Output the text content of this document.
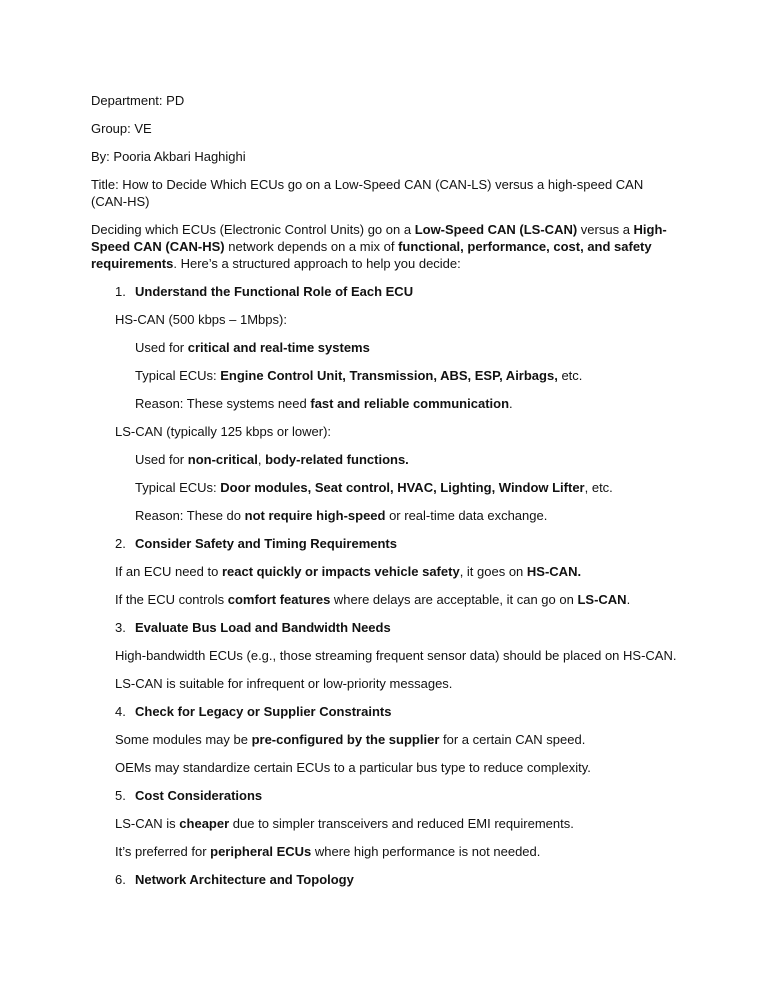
Department: PD

Group: VE

By: Pooria Akbari Haghighi

Title: How to Decide Which ECUs go on a Low-Speed CAN (CAN-LS) versus a high-speed CAN (CAN-HS)

Deciding which ECUs (Electronic Control Units) go on a Low-Speed CAN (LS-CAN) versus a High-Speed CAN (CAN-HS) network depends on a mix of functional, performance, cost, and safety requirements. Here’s a structured approach to help you decide:

1. Understand the Functional Role of Each ECU

HS-CAN (500 kbps – 1Mbps):

Used for critical and real-time systems

Typical ECUs: Engine Control Unit, Transmission, ABS, ESP, Airbags, etc.

Reason: These systems need fast and reliable communication.

LS-CAN (typically 125 kbps or lower):

Used for non-critical, body-related functions.

Typical ECUs: Door modules, Seat control, HVAC, Lighting, Window Lifter, etc.

Reason: These do not require high-speed or real-time data exchange.

2. Consider Safety and Timing Requirements

If an ECU need to react quickly or impacts vehicle safety, it goes on HS-CAN.

If the ECU controls comfort features where delays are acceptable, it can go on LS-CAN.

3. Evaluate Bus Load and Bandwidth Needs

High-bandwidth ECUs (e.g., those streaming frequent sensor data) should be placed on HS-CAN.

LS-CAN is suitable for infrequent or low-priority messages.

4. Check for Legacy or Supplier Constraints

Some modules may be pre-configured by the supplier for a certain CAN speed.

OEMs may standardize certain ECUs to a particular bus type to reduce complexity.

5. Cost Considerations

LS-CAN is cheaper due to simpler transceivers and reduced EMI requirements.

It’s preferred for peripheral ECUs where high performance is not needed.

6. Network Architecture and Topology
